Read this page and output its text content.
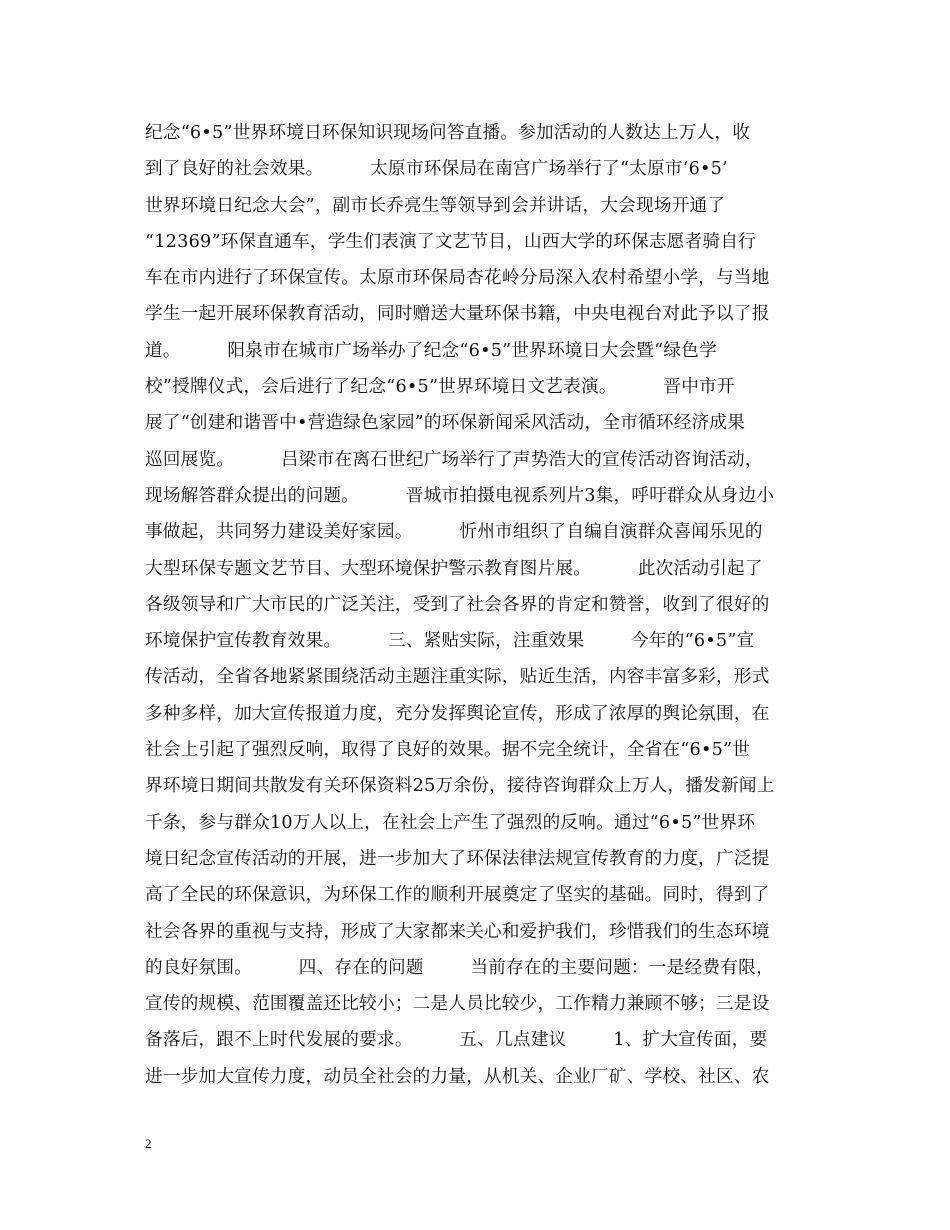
纪念“6•5”世界环境日环保知识现场问答直播。参加活动的人数达上万人，收
到了良好的社会效果。        太原市环保局在南宫广场举行了“太原市‘6•5’
世界环境日纪念大会”，副市长乔亮生等领导到会并讲话，大会现场开通了
“12369”环保直通车，学生们表演了文艺节目，山西大学的环保志愿者骑自行
车在市内进行了环保宣传。太原市环保局杏花岭分局深入农村希望小学，与当地
学生一起开展环保教育活动，同时赠送大量环保书籍，中央电视台对此予以了报
道。        阳泉市在城市广场举办了纪念“6•5”世界环境日大会暨“绿色学
校”授牌仪式，会后进行了纪念“6•5”世界环境日文艺表演。        晋中市开
展了“创建和谐晋中•营造绿色家园”的环保新闻采风活动，全市循环经济成果
巡回展览。        吕梁市在离石世纪广场举行了声势浩大的宣传活动咨询活动，
现场解答群众提出的问题。        晋城市拍摄电视系列片3集，呼吁群众从身边小
事做起，共同努力建设美好家园。        忻州市组织了自编自演群众喜闻乐见的
大型环保专题文艺节目、大型环境保护警示教育图片展。        此次活动引起了
各级领导和广大市民的广泛关注，受到了社会各界的肯定和赞誉，收到了很好的
环境保护宣传教育效果。        三、紧贴实际，注重效果        今年的“6•5”宣
传活动，全省各地紧紧围绕活动主题注重实际，贴近生活，内容丰富多彩，形式
多种多样，加大宣传报道力度，充分发挥舆论宣传，形成了浓厚的舆论氛围，在
社会上引起了强烈反响，取得了良好的效果。据不完全统计，全省在“6•5”世
界环境日期间共散发有关环保资料25万余份，接待咨询群众上万人，播发新闻上
千条，参与群众10万人以上，在社会上产生了强烈的反响。通过“6•5”世界环
境日纪念宣传活动的开展，进一步加大了环保法律法规宣传教育的力度，广泛提
高了全民的环保意识，为环保工作的顺利开展奠定了坚实的基础。同时，得到了
社会各界的重视与支持，形成了大家都来关心和爱护我们，珍惜我们的生态环境
的良好氛围。        四、存在的问题        当前存在的主要问题：一是经费有限，
宣传的规模、范围覆盖还比较小；二是人员比较少，工作精力兼顾不够；三是设
备落后，跟不上时代发展的要求。        五、几点建议        1、扩大宣传面，要
进一步加大宣传力度，动员全社会的力量，从机关、企业厂矿、学校、社区、农
2
